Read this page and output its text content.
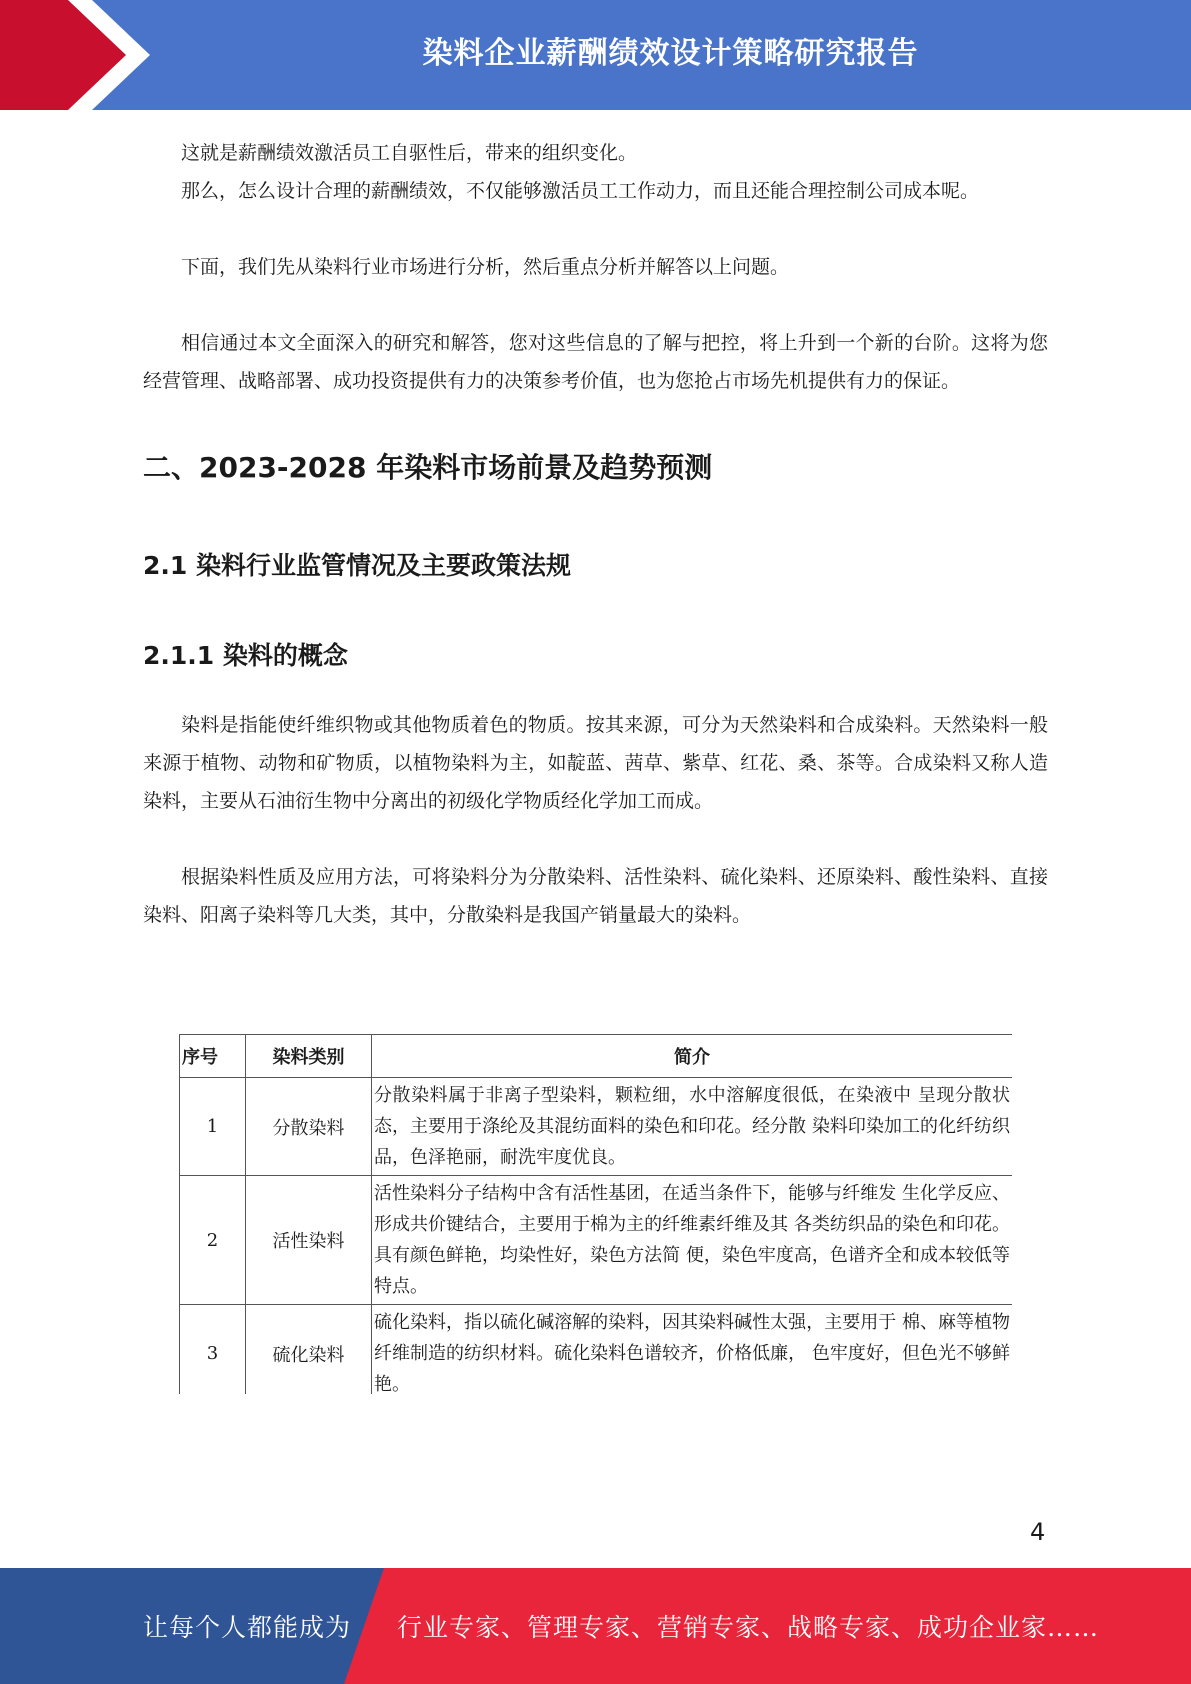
染料企业薪酬绩效设计策略研究报告

这就是薪酬绩效激活员工自驱性后，带来的组织变化。

那么，怎么设计合理的薪酬绩效，不仅能够激活员工工作动力，而且还能合理控制公司成本呢。

下面，我们先从染料行业市场进行分析，然后重点分析并解答以上问题。

相信通过本文全面深入的研究和解答，您对这些信息的了解与把控，将上升到一个新的台阶。这将为您经营管理、战略部署、成功投资提供有力的决策参考价值，也为您抢占市场先机提供有力的保证。

二、2023-2028 年染料市场前景及趋势预测
2.1 染料行业监管情况及主要政策法规
2.1.1 染料的概念

染料是指能使纤维织物或其他物质着色的物质。按其来源，可分为天然染料和合成染料。天然染料一般来源于植物、动物和矿物质，以植物染料为主，如靛蓝、茜草、紫草、红花、桑、茶等。合成染料又称人造染料，主要从石油衍生物中分离出的初级化学物质经化学加工而成。

根据染料性质及应用方法，可将染料分为分散染料、活性染料、硫化染料、还原染料、酸性染料、直接染料、阳离子染料等几大类，其中，分散染料是我国产销量最大的染料。

序号	染料类别	简介
1	分散染料	分散染料属于非离子型染料，颗粒细，水中溶解度很低，在染液中 呈现分散状态，主要用于涤纶及其混纺面料的染色和印花。经分散 染料印染加工的化纤纺织品，色泽艳丽，耐洗牢度优良。
2	活性染料	活性染料分子结构中含有活性基团，在适当条件下，能够与纤维发 生化学反应、形成共价键结合，主要用于棉为主的纤维素纤维及其 各类纺织品的染色和印花。具有颜色鲜艳，均染性好，染色方法简 便，染色牢度高，色谱齐全和成本较低等特点。
3	硫化染料	硫化染料，指以硫化碱溶解的染料，因其染料碱性太强，主要用于 棉、麻等植物纤维制造的纺织材料。硫化染料色谱较齐，价格低廉， 色牢度好，但色光不够鲜艳。
4
让每个人都能成为 行业专家、管理专家、营销专家、战略专家、成功企业家……
